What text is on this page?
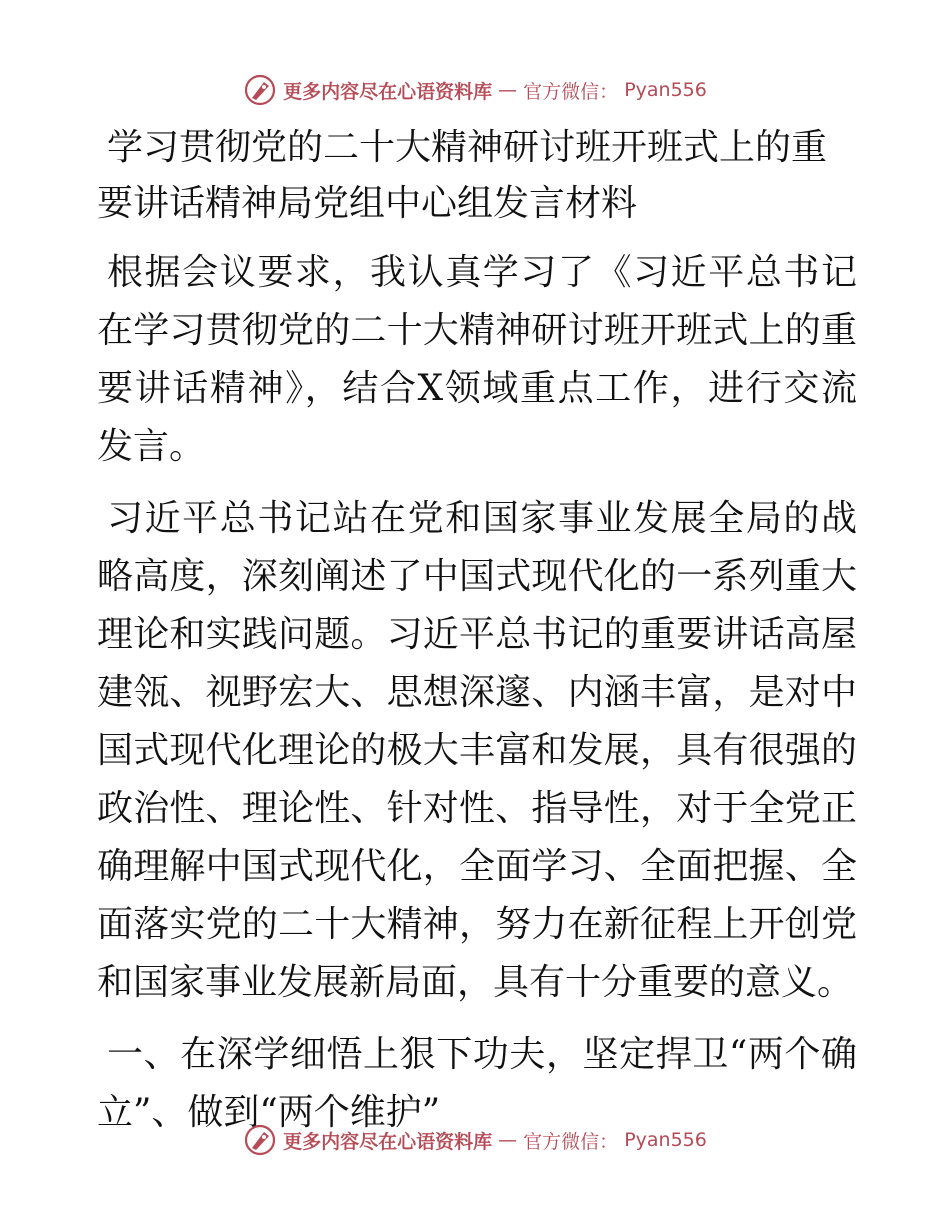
更多内容尽在心语资料库 — 官方微信： Pyan556
学习贯彻党的二十大精神研讨班开班式上的重要讲话精神局党组中心组发言材料

根据会议要求，我认真学习了《习近平总书记在学习贯彻党的二十大精神研讨班开班式上的重要讲话精神》，结合X领域重点工作，进行交流发言。

习近平总书记站在党和国家事业发展全局的战略高度，深刻阐述了中国式现代化的一系列重大理论和实践问题。习近平总书记的重要讲话高屋建瓴、视野宏大、思想深邃、内涵丰富，是对中国式现代化理论的极大丰富和发展，具有很强的政治性、理论性、针对性、指导性，对于全党正确理解中国式现代化，全面学习、全面把握、全面落实党的二十大精神，努力在新征程上开创党和国家事业发展新局面，具有十分重要的意义。

一、在深学细悟上狠下功夫，坚定捍卫“两个确立”、做到“两个维护”

更多内容尽在心语资料库 — 官方微信： Pyan556
